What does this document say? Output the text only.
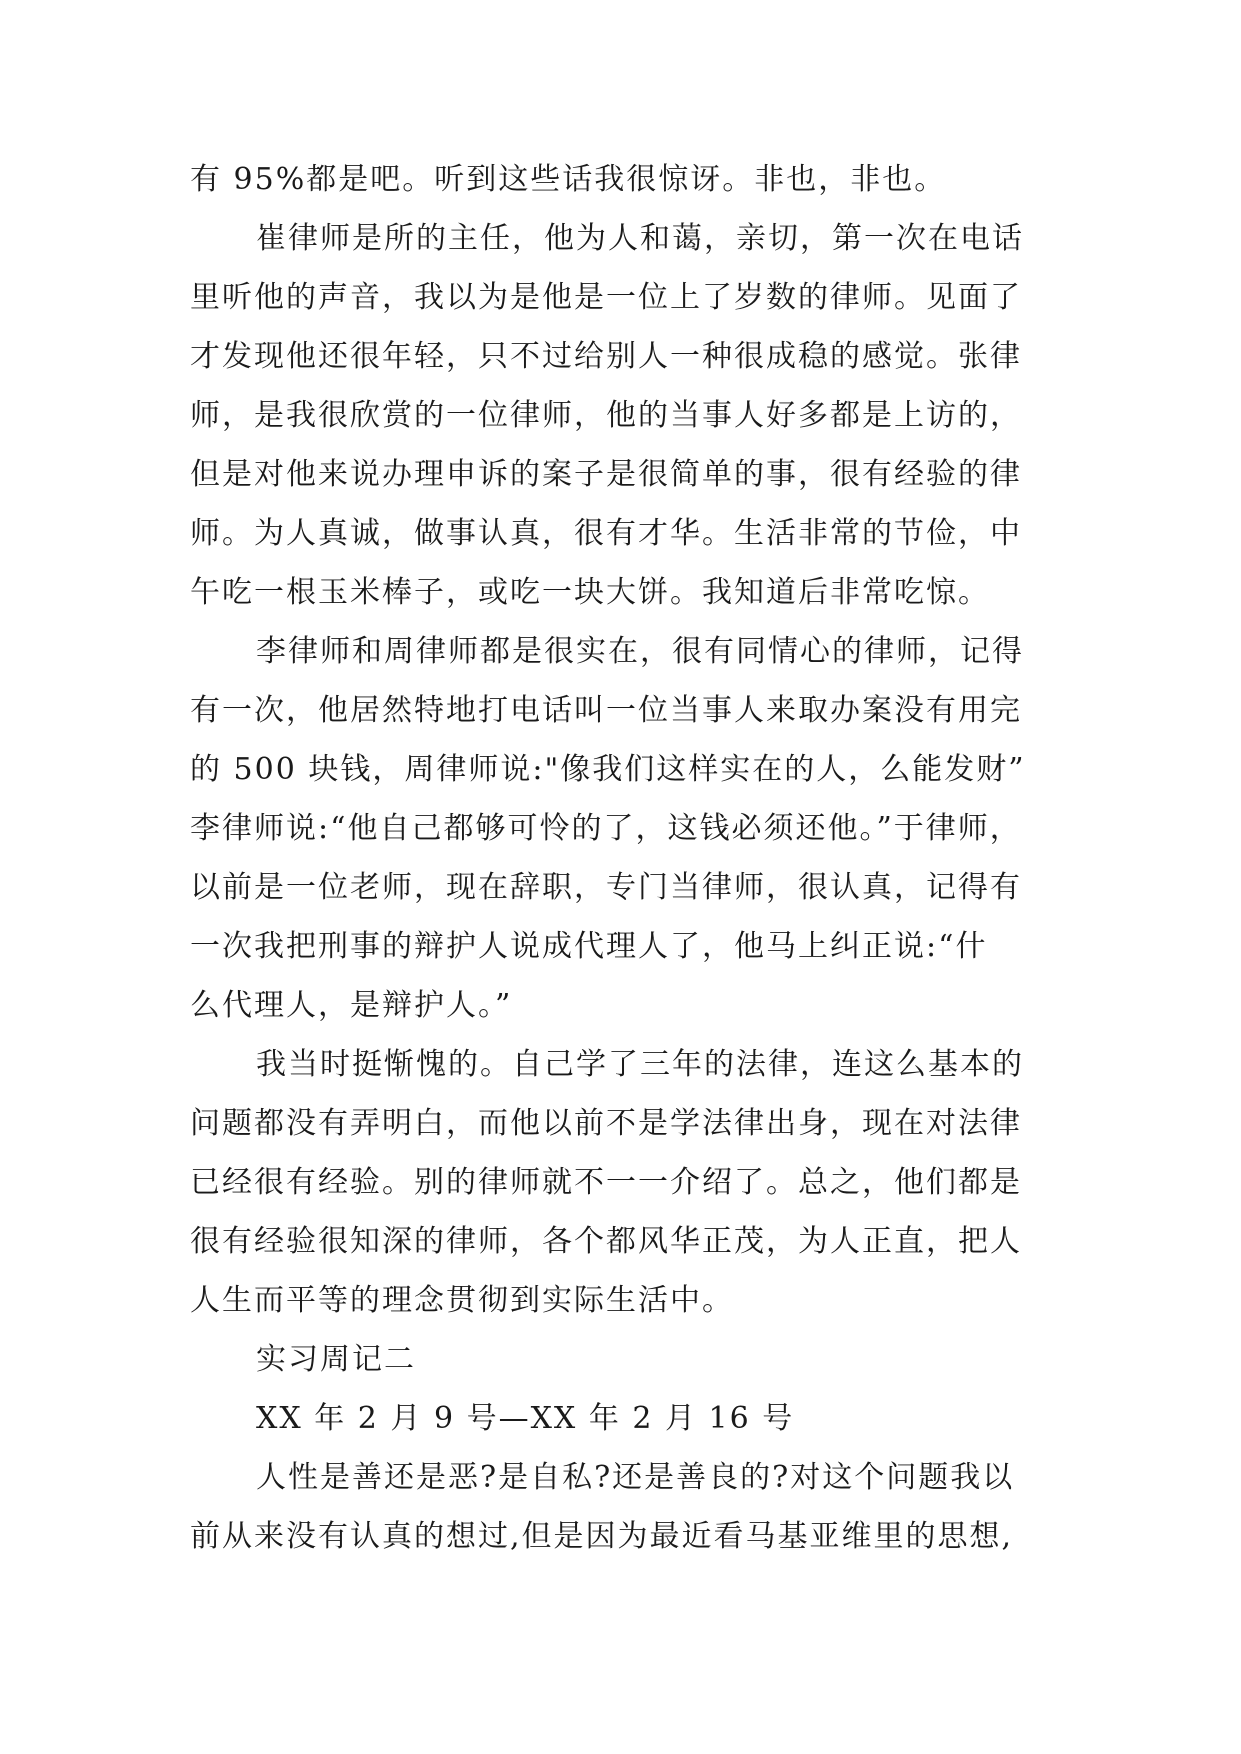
有 95%都是吧。听到这些话我很惊讶。非也，非也。
崔律师是所的主任，他为人和蔼，亲切，第一次在电话
里听他的声音，我以为是他是一位上了岁数的律师。见面了
才发现他还很年轻，只不过给别人一种很成稳的感觉。张律
师，是我很欣赏的一位律师，他的当事人好多都是上访的，
但是对他来说办理申诉的案子是很简单的事，很有经验的律
师。为人真诚，做事认真，很有才华。生活非常的节俭，中
午吃一根玉米棒子，或吃一块大饼。我知道后非常吃惊。
李律师和周律师都是很实在，很有同情心的律师，记得
有一次，他居然特地打电话叫一位当事人来取办案没有用完
的 500 块钱，周律师说:"像我们这样实在的人，么能发财”
李律师说:“他自己都够可怜的了，这钱必须还他。”于律师，
以前是一位老师，现在辞职，专门当律师，很认真，记得有
一次我把刑事的辩护人说成代理人了，他马上纠正说:“什
么代理人，是辩护人。”
我当时挺惭愧的。自己学了三年的法律，连这么基本的
问题都没有弄明白，而他以前不是学法律出身，现在对法律
已经很有经验。别的律师就不一一介绍了。总之，他们都是
很有经验很知深的律师，各个都风华正茂，为人正直，把人
人生而平等的理念贯彻到实际生活中。
实习周记二
XX 年 2 月 9 号—XX 年 2 月 16 号
人性是善还是恶?是自私?还是善良的?对这个问题我以
前从来没有认真的想过,但是因为最近看马基亚维里的思想,
